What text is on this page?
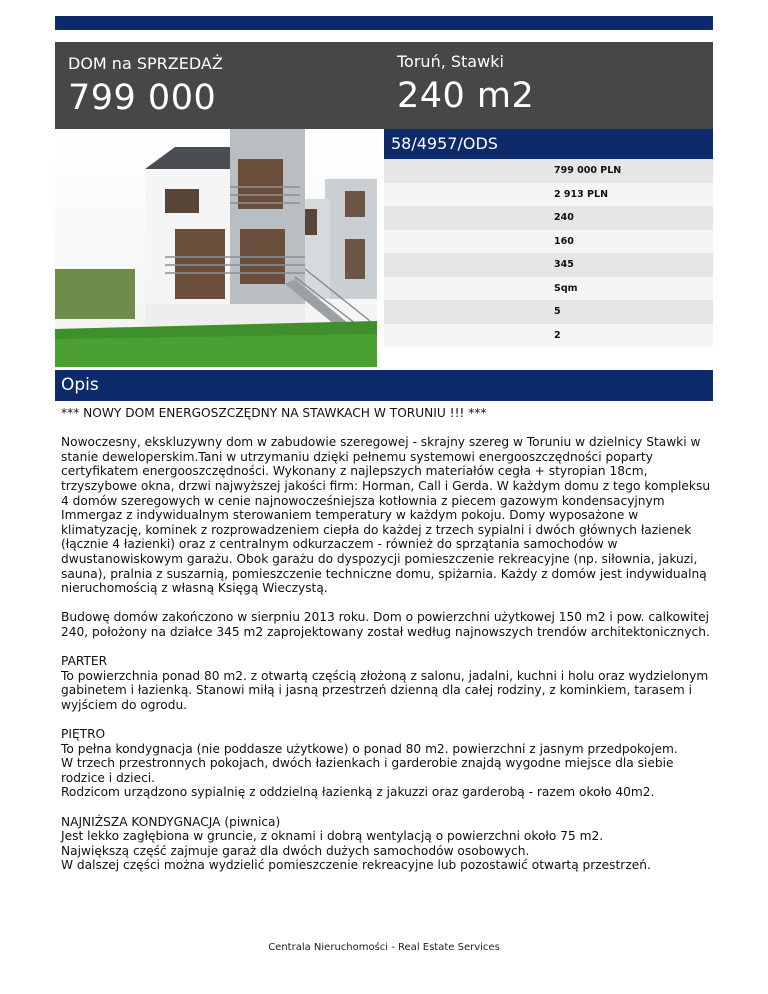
DOM na SPRZEDAŻ
799 000
Toruń, Stawki
240 m2
58/4957/ODS
799 000 PLN
2 913 PLN
240
160
345
Sqm
5
2
Opis

*** NOWY DOM ENERGOSZCZĘDNY NA STAWKACH W TORUNIU !!! ***

Nowoczesny, ekskluzywny dom w zabudowie szeregowej - skrajny szereg w Toruniu w dzielnicy Stawki w stanie deweloperskim.Tani w utrzymaniu dzięki pełnemu systemowi energooszczędności poparty certyfikatem energooszczędności. Wykonany z najlepszych materiałów cegła + styropian 18cm, trzyszybowe okna, drzwi najwyższej jakości firm: Horman, Call i Gerda. W każdym domu z tego kompleksu 4 domów szeregowych w cenie najnowocześniejsza kotłownia z piecem gazowym kondensacyjnym Immergaz z indywidualnym sterowaniem temperatury w każdym pokoju. Domy wyposażone w klimatyzację, kominek z rozprowadzeniem ciepła do każdej z trzech sypialni i dwóch głównych łazienek (łącznie 4 łazienki) oraz z centralnym odkurzaczem - również do sprzątania samochodów w dwustanowiskowym garażu. Obok garażu do dyspozycji pomieszczenie rekreacyjne (np. siłownia, jakuzi, sauna), pralnia z suszarnią, pomieszczenie techniczne domu, spiżarnia. Każdy z domów jest indywidualną nieruchomością z własną Księgą Wieczystą.

Budowę domów zakończono w sierpniu 2013 roku. Dom o powierzchni użytkowej 150 m2 i pow. calkowitej 240, położony na działce 345 m2 zaprojektowany został według najnowszych trendów architektonicznych.

PARTER

To powierzchnia ponad 80 m2. z otwartą częścią złożoną z salonu, jadalni, kuchni i holu oraz wydzielonym gabinetem i łazienką. Stanowi miłą i jasną przestrzeń dzienną dla całej rodziny, z kominkiem, tarasem i wyjściem do ogrodu.

PIĘTRO

To pełna kondygnacja (nie poddasze użytkowe) o ponad 80 m2. powierzchni z jasnym przedpokojem.

W trzech przestronnych pokojach, dwóch łazienkach i garderobie znajdą wygodne miejsce dla siebie rodzice i dzieci.

Rodzicom urządzono sypialnię z oddzielną łazienką z jakuzzi oraz garderobą - razem około 40m2.

NAJNIŻSZA KONDYGNACJA (piwnica)

Jest lekko zagłębiona w gruncie, z oknami i dobrą wentylacją o powierzchni około 75 m2.

Największą część zajmuje garaż dla dwóch dużych samochodów osobowych.

W dalszej części można wydzielić pomieszczenie rekreacyjne lub pozostawić otwartą przestrzeń.

Centrala Nieruchomości - Real Estate Services
